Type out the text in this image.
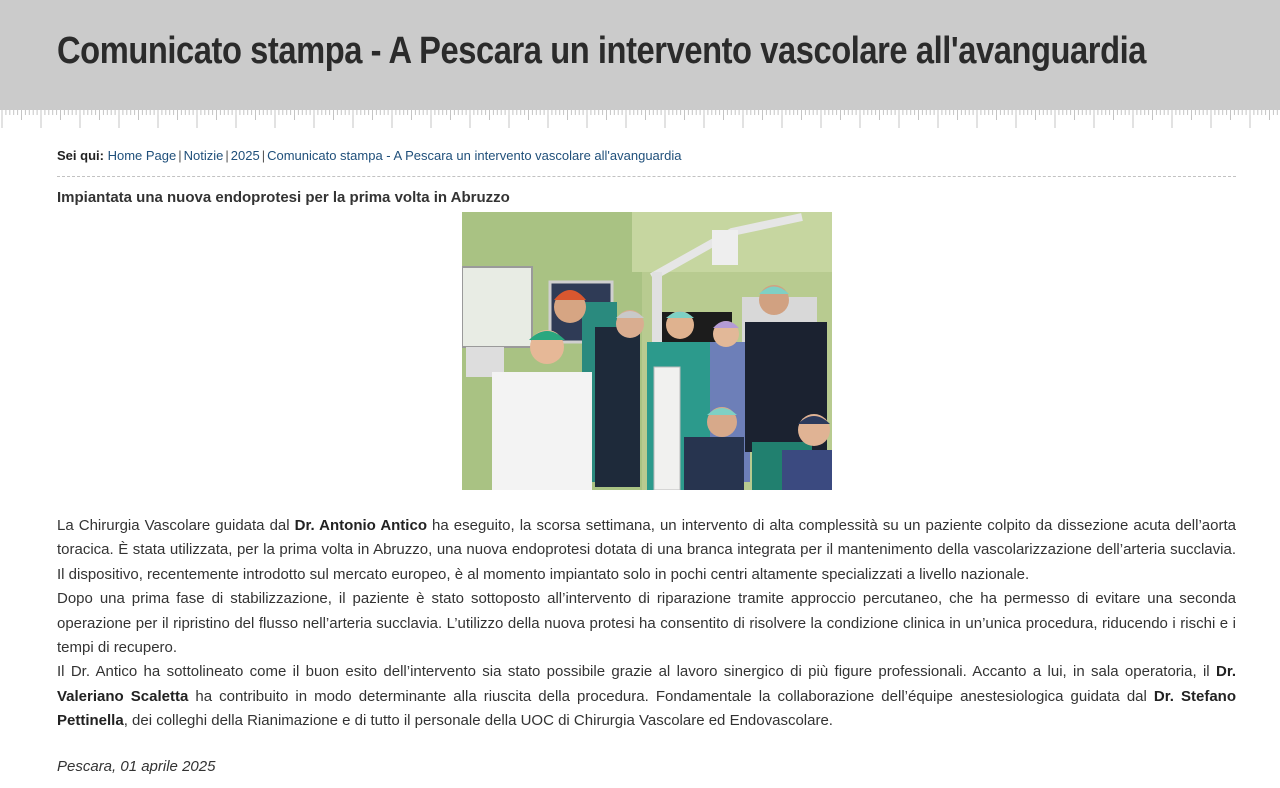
Comunicato stampa - A Pescara un intervento vascolare all'avanguardia
Sei qui: Home Page | Notizie | 2025 | Comunicato stampa - A Pescara un intervento vascolare all'avanguardia
Impiantata una nuova endoprotesi per la prima volta in Abruzzo

La Chirurgia Vascolare guidata dal Dr. Antonio Antico ha eseguito, la scorsa settimana, un intervento di alta complessità su un paziente colpito da dissezione acuta dell’aorta toracica. È stata utilizzata, per la prima volta in Abruzzo, una nuova endoprotesi dotata di una branca integrata per il mantenimento della vascolarizzazione dell’arteria succlavia. Il dispositivo, recentemente introdotto sul mercato europeo, è al momento impiantato solo in pochi centri altamente specializzati a livello nazionale.

Dopo una prima fase di stabilizzazione, il paziente è stato sottoposto all’intervento di riparazione tramite approccio percutaneo, che ha permesso di evitare una seconda operazione per il ripristino del flusso nell’arteria succlavia. L’utilizzo della nuova protesi ha consentito di risolvere la condizione clinica in un’unica procedura, riducendo i rischi e i tempi di recupero.

Il Dr. Antico ha sottolineato come il buon esito dell’intervento sia stato possibile grazie al lavoro sinergico di più figure professionali. Accanto a lui, in sala operatoria, il Dr. Valeriano Scaletta ha contribuito in modo determinante alla riuscita della procedura. Fondamentale la collaborazione dell’équipe anestesiologica guidata dal Dr. Stefano Pettinella, dei colleghi della Rianimazione e di tutto il personale della UOC di Chirurgia Vascolare ed Endovascolare.

Pescara, 01 aprile 2025
